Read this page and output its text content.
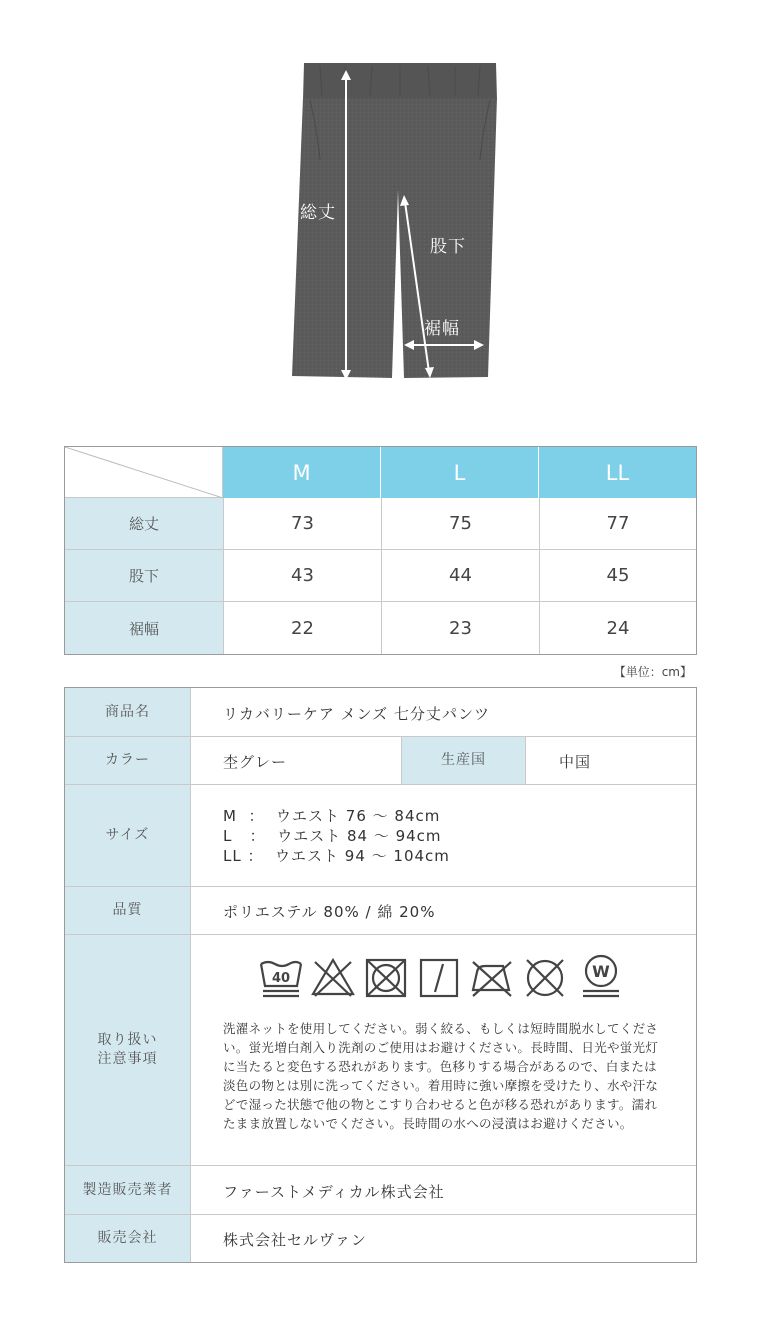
総丈
股下
裾幅
M	L	LL
総丈	73	75	77
股下	43	44	45
裾幅	22	23	24
【単位：cm】
商品名	リカバリーケア メンズ 七分丈パンツ
カラー	杢グレー	生産国	中国
サイズ
M  ：  ウエスト 76 〜 84cm
L   ：  ウエスト 84 〜 94cm
LL ：  ウエスト 94 〜 104cm
品質	ポリエステル 80% / 綿 20%
取り扱い
注意事項
40	W
洗濯ネットを使用してください。弱く絞る、もしくは短時間脱水してください。蛍光増白剤入り洗剤のご使用はお避けください。長時間、日光や蛍光灯に当たると変色する恐れがあります。色移りする場合があるので、白または淡色の物とは別に洗ってください。着用時に強い摩擦を受けたり、水や汗などで湿った状態で他の物とこすり合わせると色が移る恐れがあります。濡れたまま放置しないでください。長時間の水への浸漬はお避けください。
製造販売業者	ファーストメディカル株式会社
販売会社	株式会社セルヴァン
